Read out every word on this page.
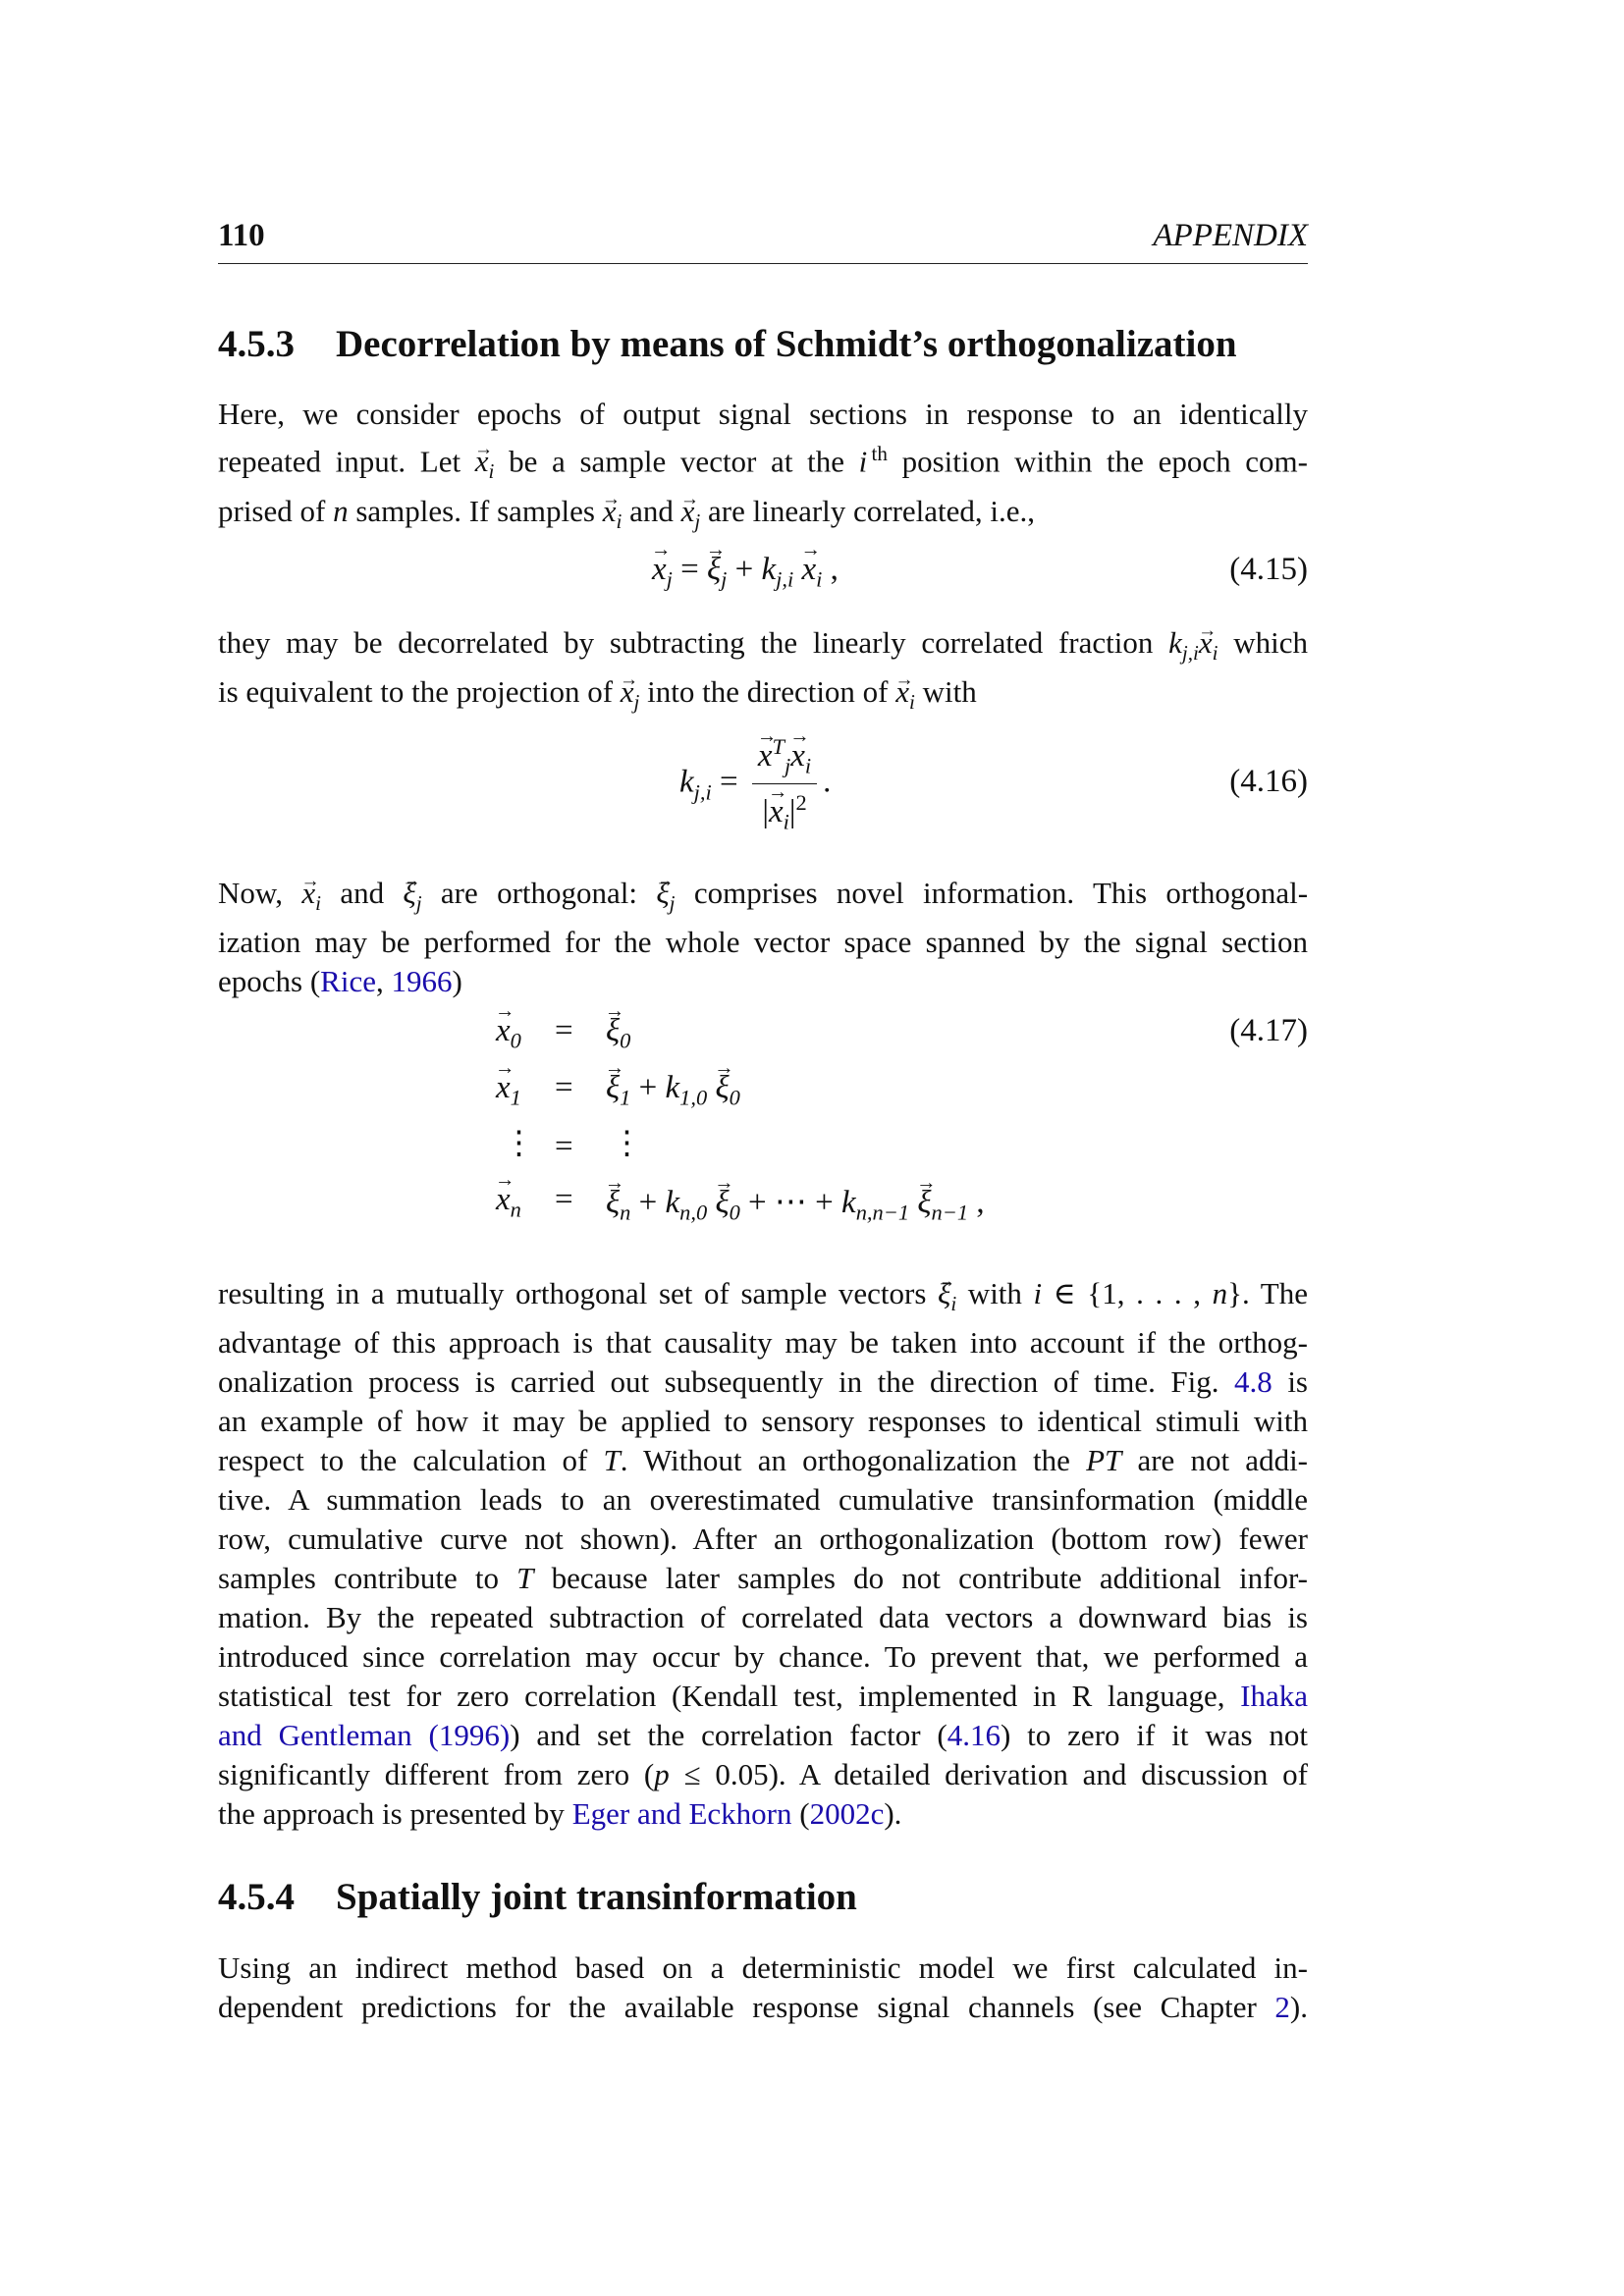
110	APPENDIX
4.5.3 Decorrelation by means of Schmidt’s orthogonalization

Here, we consider epochs of output signal sections in response to an identically
repeated input. Let → $x_i$ be a sample vector at the i $^{th}$ position within the epoch com-
prised of n samples. If samples → $x_i$ and → $x_j$ are linearly correlated, i.e.,

→ $x_j$ = → $\xi_j + k_{j,i} \to x_i$ ,	(4.15)

they may be decorrelated by subtracting the linearly correlated fraction $k_{j,i}\to x_i$ which
is equivalent to the projection of → $x_j$ into the direction of → $x_i$ with

$k_{j,i}$ = → $\frac{x^T_j\to x_i}{|\to x_i|^2}$ .	(4.16)

Now, → $x_i$ and → $\xi_j$ are orthogonal: → $\xi_j$ comprises novel information. This orthogonal-
ization may be performed for the whole vector space spanned by the signal section
epochs (Rice, 1966)

→ $x_0$ = → $\xi_0$
→ $x_1$ = → $\xi_1 + k_{1,0} \to \xi_0$
⋮ = ⋮
→ $x_n$ = → $\xi_n + k_{n,0} \to \xi_0$ + ⋯ + $k_{n,n-1} \to \xi_{n-1}$ ,
(4.17)

resulting in a mutually orthogonal set of sample vectors → $\xi_i$ with i ∈ {1, . . . , n}. The
advantage of this approach is that causality may be taken into account if the orthog-
onalization process is carried out subsequently in the direction of time. Fig. 4.8 is
an example of how it may be applied to sensory responses to identical stimuli with
respect to the calculation of T. Without an orthogonalization the PT are not addi-
tive. A summation leads to an overestimated cumulative transinformation (middle
row, cumulative curve not shown). After an orthogonalization (bottom row) fewer
samples contribute to T because later samples do not contribute additional infor-
mation. By the repeated subtraction of correlated data vectors a downward bias is
introduced since correlation may occur by chance. To prevent that, we performed a
statistical test for zero correlation (Kendall test, implemented in R language, Ihaka
and Gentleman (1996)) and set the correlation factor (4.16) to zero if it was not
significantly different from zero (p ≤ 0.05). A detailed derivation and discussion of
the approach is presented by Eger and Eckhorn (2002c).

4.5.4 Spatially joint transinformation

Using an indirect method based on a deterministic model we first calculated in-
dependent predictions for the available response signal channels (see Chapter 2).
